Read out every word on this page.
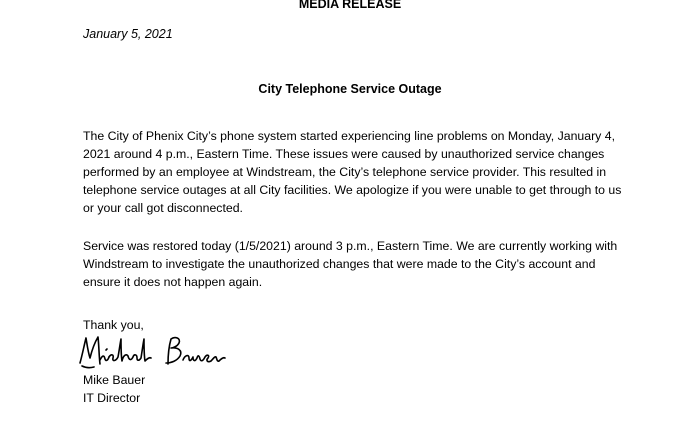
MEDIA RELEASE
January 5, 2021
City Telephone Service Outage

The City of Phenix City’s phone system started experiencing line problems on Monday, January 4, 2021 around 4 p.m., Eastern Time. These issues were caused by unauthorized service changes performed by an employee at Windstream, the City’s telephone service provider. This resulted in telephone service outages at all City facilities. We apologize if you were unable to get through to us or your call got disconnected.

Service was restored today (1/5/2021) around 3 p.m., Eastern Time. We are currently working with Windstream to investigate the unauthorized changes that were made to the City’s account and ensure it does not happen again.

Thank you,
Mike Bauer
IT Director
